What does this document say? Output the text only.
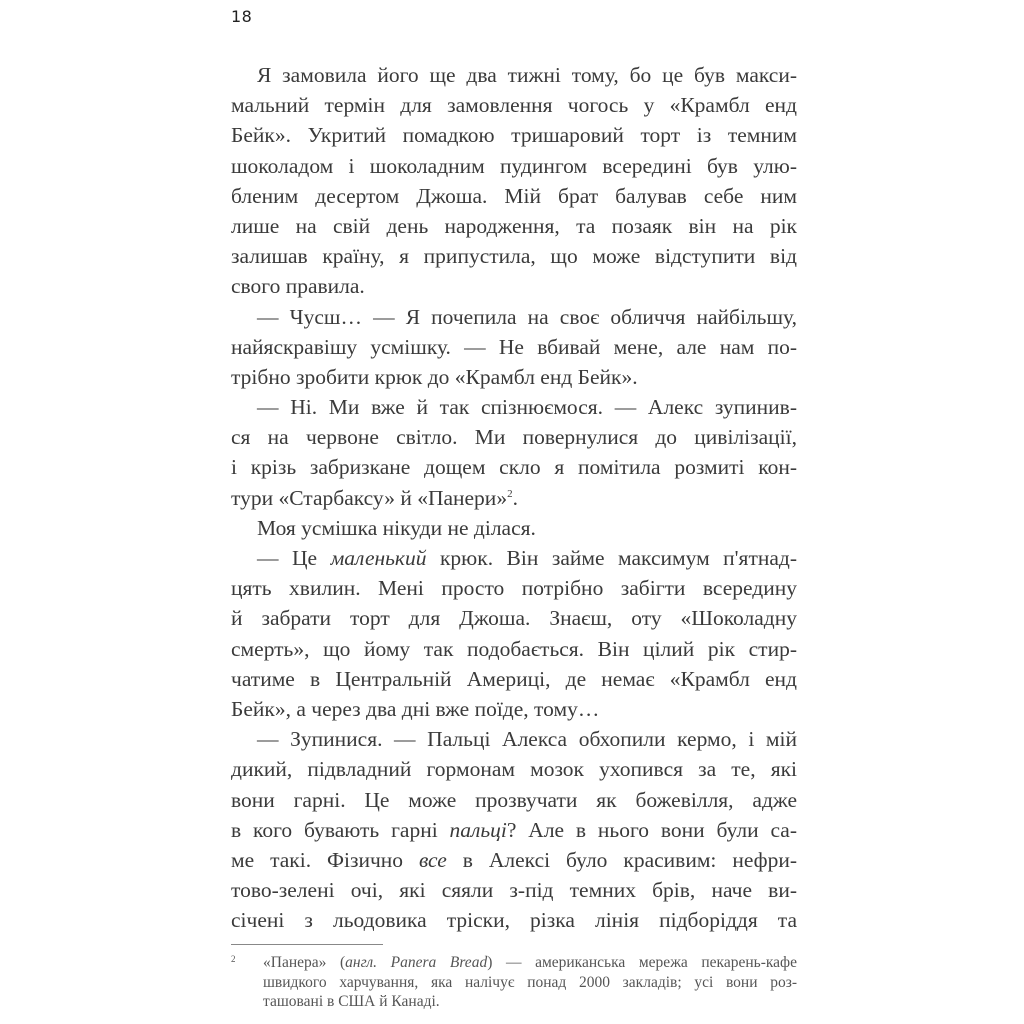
18
Я замовила його ще два тижні тому, бо це був макси-
мальний термін для замовлення чогось у «Крамбл енд
Бейк». Укритий помадкою тришаровий торт із темним
шоколадом і шоколадним пудингом всередині був улю-
бленим десертом Джоша. Мій брат балував себе ним
лише на свій день народження, та позаяк він на рік
залишав країну, я припустила, що може відступити від
свого правила.
— Чусш… — Я почепила на своє обличчя найбільшу,
найяскравішу усмішку. — Не вбивай мене, але нам по-
трібно зробити крюк до «Крамбл енд Бейк».
— Ні. Ми вже й так спізнюємося. — Алекс зупинив-
ся на червоне світло. Ми повернулися до цивілізації,
і крізь забризкане дощем скло я помітила розмиті кон-
тури «Старбаксу» й «Панери»$^2$.
Моя усмішка нікуди не ділася.
— Це маленький крюк. Він займе максимум п'ятнад-
цять хвилин. Мені просто потрібно забігти всередину
й забрати торт для Джоша. Знаєш, оту «Шоколадну
смерть», що йому так подобається. Він цілий рік стир-
чатиме в Центральній Америці, де немає «Крамбл енд
Бейк», а через два дні вже поїде, тому…
— Зупинися. — Пальці Алекса обхопили кермо, і мій
дикий, підвладний гормонам мозок ухопився за те, які
вони гарні. Це може прозвучати як божевілля, адже
в кого бувають гарні пальці? Але в нього вони були са-
ме такі. Фізично все в Алексі було красивим: нефри-
тово-зелені очі, які сяяли з-під темних брів, наче ви-
січені з льодовика тріски, різка лінія підборіддя та
2 «Панера» (англ. Panera Bread) — американська мережа пекарень-кафе
швидкого харчування, яка налічує понад 2000 закладів; усі вони роз-
ташовані в США й Канаді.
